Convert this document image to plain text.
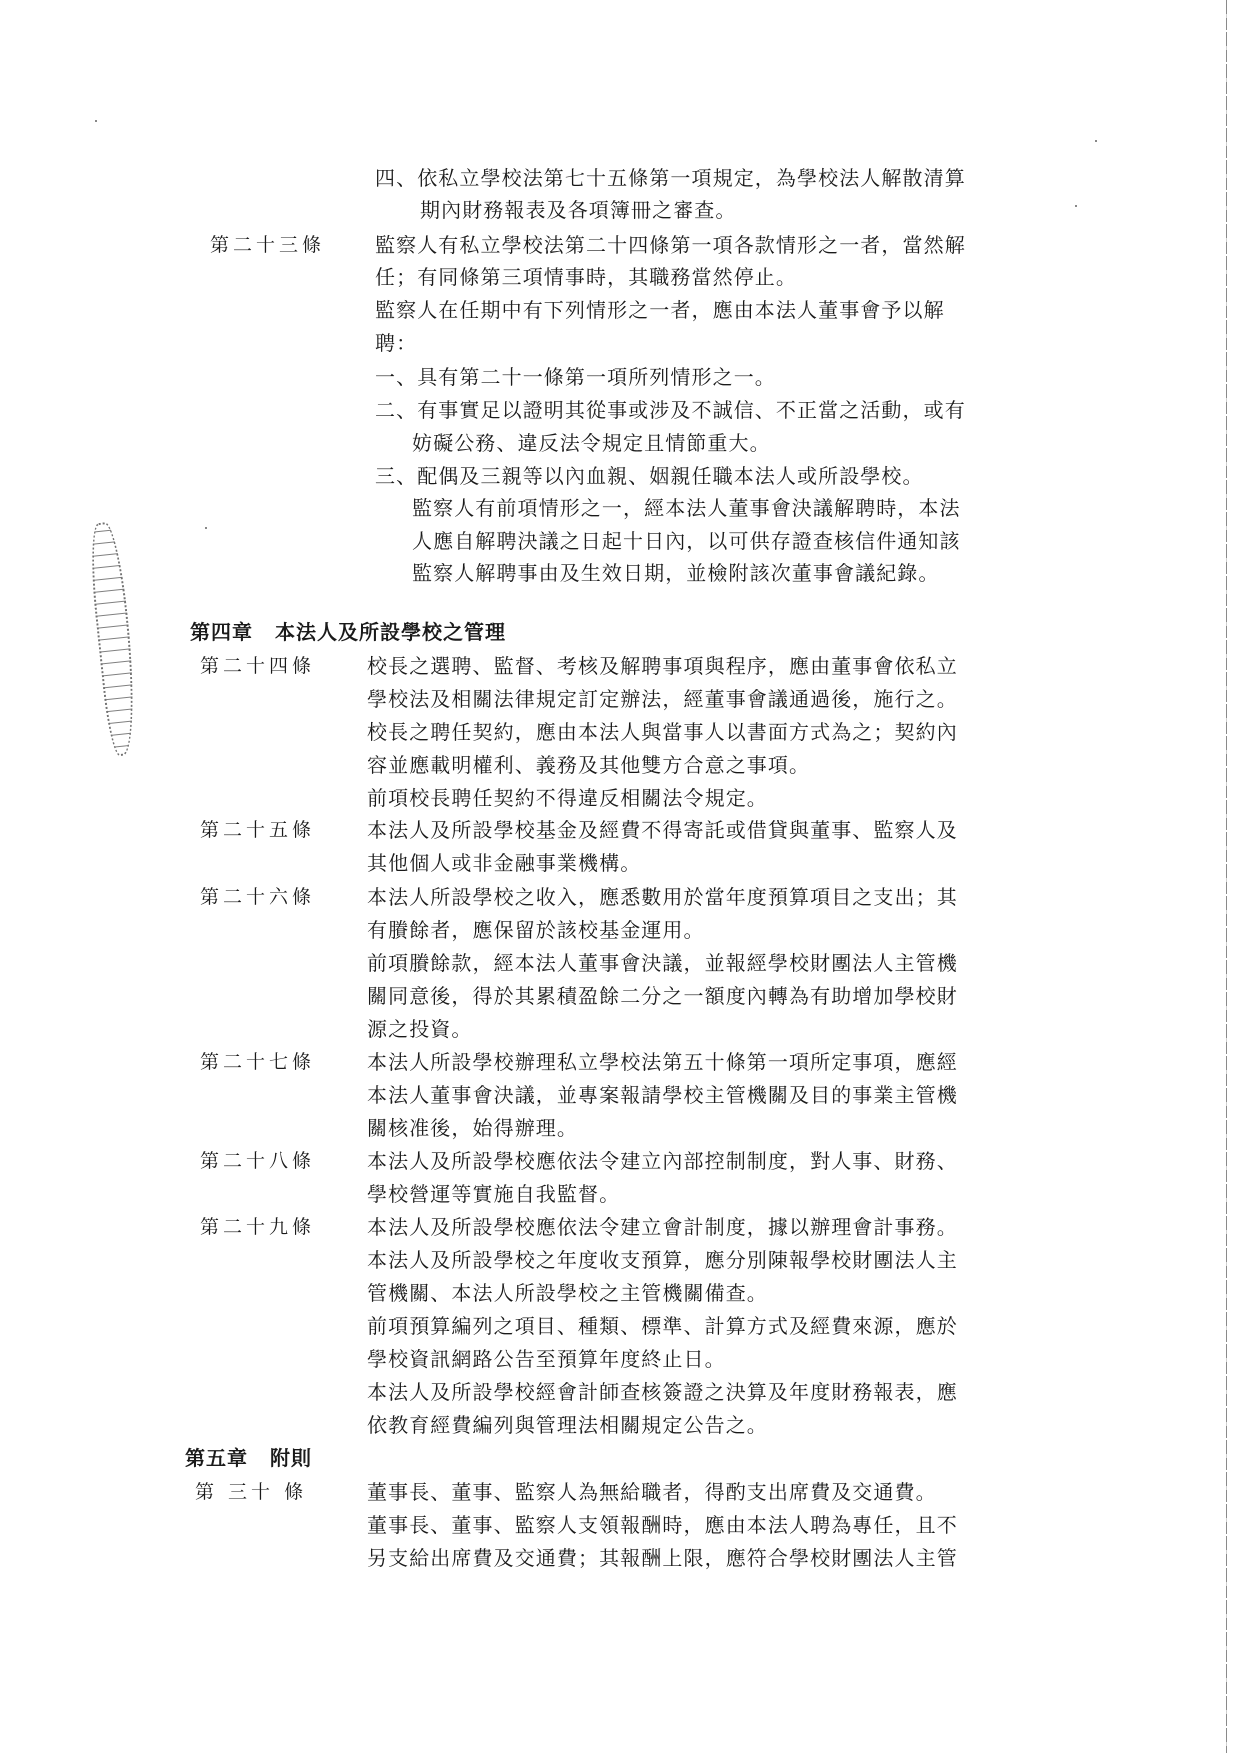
四、依私立學校法第七十五條第一項規定，為學校法人解散清算
期內財務報表及各項簿冊之審查。
第二十三條 監察人有私立學校法第二十四條第一項各款情形之一者，當然解
任；有同條第三項情事時，其職務當然停止。
監察人在任期中有下列情形之一者，應由本法人董事會予以解
聘：
一、具有第二十一條第一項所列情形之一。
二、有事實足以證明其從事或涉及不誠信、不正當之活動，或有
妨礙公務、違反法令規定且情節重大。
三、配偶及三親等以內血親、姻親任職本法人或所設學校。
監察人有前項情形之一，經本法人董事會決議解聘時，本法
人應自解聘決議之日起十日內，以可供存證查核信件通知該
監察人解聘事由及生效日期，並檢附該次董事會議紀錄。
第四章 本法人及所設學校之管理
第二十四條	校長之選聘、監督、考核及解聘事項與程序，應由董事會依私立
學校法及相關法律規定訂定辦法，經董事會議通過後，施行之。
校長之聘任契約，應由本法人與當事人以書面方式為之；契約內
容並應載明權利、義務及其他雙方合意之事項。
前項校長聘任契約不得違反相關法令規定。
第二十五條	本法人及所設學校基金及經費不得寄託或借貸與董事、監察人及
其他個人或非金融事業機構。
第二十六條	本法人所設學校之收入，應悉數用於當年度預算項目之支出；其
有賸餘者，應保留於該校基金運用。
前項賸餘款，經本法人董事會決議，並報經學校財團法人主管機
關同意後，得於其累積盈餘二分之一額度內轉為有助增加學校財
源之投資。
第二十七條	本法人所設學校辦理私立學校法第五十條第一項所定事項，應經
本法人董事會決議，並專案報請學校主管機關及目的事業主管機
關核准後，始得辦理。
第二十八條	本法人及所設學校應依法令建立內部控制制度，對人事、財務、
學校營運等實施自我監督。
第二十九條	本法人及所設學校應依法令建立會計制度，據以辦理會計事務。
本法人及所設學校之年度收支預算，應分別陳報學校財團法人主
管機關、本法人所設學校之主管機關備查。
前項預算編列之項目、種類、標準、計算方式及經費來源，應於
學校資訊網路公告至預算年度終止日。
本法人及所設學校經會計師查核簽證之決算及年度財務報表，應
依教育經費編列與管理法相關規定公告之。
第五章 附則
第 三十 條	董事長、董事、監察人為無給職者，得酌支出席費及交通費。
董事長、董事、監察人支領報酬時，應由本法人聘為專任，且不
另支給出席費及交通費；其報酬上限，應符合學校財團法人主管
